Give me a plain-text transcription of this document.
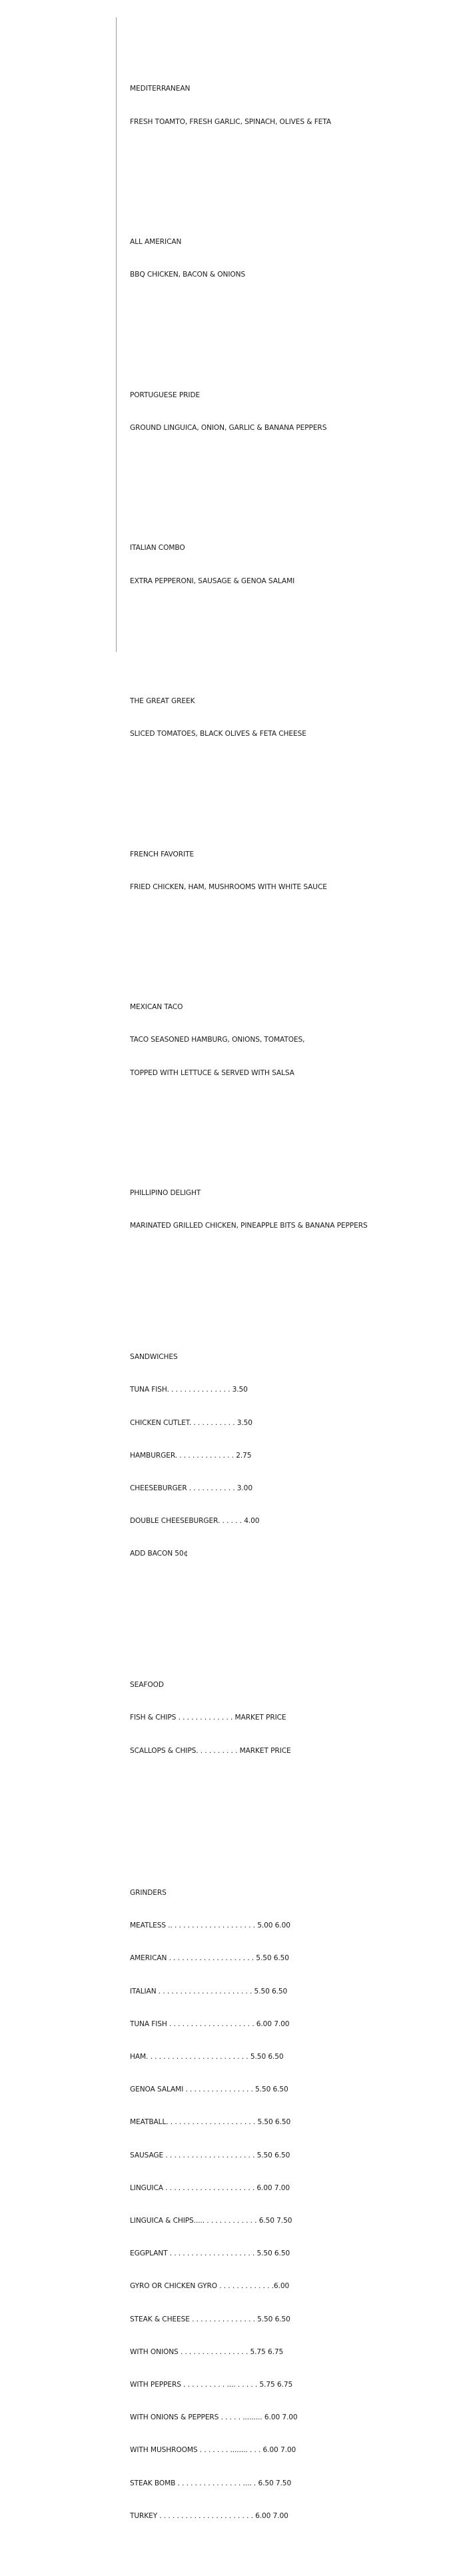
MEDITERRANEAN

FRESH TOAMTO, FRESH GARLIC, SPINACH, OLIVES & FETA

ALL AMERICAN

BBQ CHICKEN, BACON & ONIONS

PORTUGUESE PRIDE

GROUND LINGUICA, ONION, GARLIC & BANANA PEPPERS

ITALIAN COMBO

EXTRA PEPPERONI, SAUSAGE & GENOA SALAMI

THE GREAT GREEK

SLICED TOMATOES, BLACK OLIVES & FETA CHEESE

FRENCH FAVORITE

FRIED CHICKEN, HAM, MUSHROOMS WITH WHITE SAUCE

MEXICAN TACO

TACO SEASONED HAMBURG, ONIONS, TOMATOES,

TOPPED WITH LETTUCE & SERVED WITH SALSA

PHILLIPINO DELIGHT

MARINATED GRILLED CHICKEN, PINEAPPLE BITS & BANANA PEPPERS

SANDWICHES

TUNA FISH. . . . . . . . . . . . . . . 3.50

CHICKEN CUTLET. . . . . . . . . . . 3.50

HAMBURGER. . . . . . . . . . . . . . 2.75

CHEESEBURGER . . . . . . . . . . . 3.00

DOUBLE CHEESEBURGER. . . . . . 4.00

ADD BACON 50¢

SEAFOOD

FISH & CHIPS . . . . . . . . . . . . . MARKET PRICE

SCALLOPS & CHIPS. . . . . . . . . . MARKET PRICE

GRINDERS

MEATLESS .. . . . . . . . . . . . . . . . . . . . 5.00 6.00

AMERICAN . . . . . . . . . . . . . . . . . . . . 5.50 6.50

ITALIAN . . . . . . . . . . . . . . . . . . . . . . 5.50 6.50

TUNA FISH . . . . . . . . . . . . . . . . . . . . 6.00 7.00

HAM. . . . . . . . . . . . . . . . . . . . . . . . 5.50 6.50

GENOA SALAMI . . . . . . . . . . . . . . . . 5.50 6.50

MEATBALL. . . . . . . . . . . . . . . . . . . . . 5.50 6.50

SAUSAGE . . . . . . . . . . . . . . . . . . . . . 5.50 6.50

LINGUICA . . . . . . . . . . . . . . . . . . . . . 6.00 7.00

LINGUICA & CHIPS..... . . . . . . . . . . . . 6.50 7.50

EGGPLANT . . . . . . . . . . . . . . . . . . . . 5.50 6.50

GYRO OR CHICKEN GYRO . . . . . . . . . . . . .6.00

STEAK & CHEESE . . . . . . . . . . . . . . . 5.50 6.50

WITH ONIONS . . . . . . . . . . . . . . . . 5.75 6.75

WITH PEPPERS . . . . . . . . . . .... . . . . . 5.75 6.75

WITH ONIONS & PEPPERS . . . . . ......... 6.00 7.00

WITH MUSHROOMS . . . . . . . ........ . . . 6.00 7.00

STEAK BOMB . . . . . . . . . . . . . . . .... . 6.50 7.50

TURKEY . . . . . . . . . . . . . . . . . . . . . . 6.00 7.00
